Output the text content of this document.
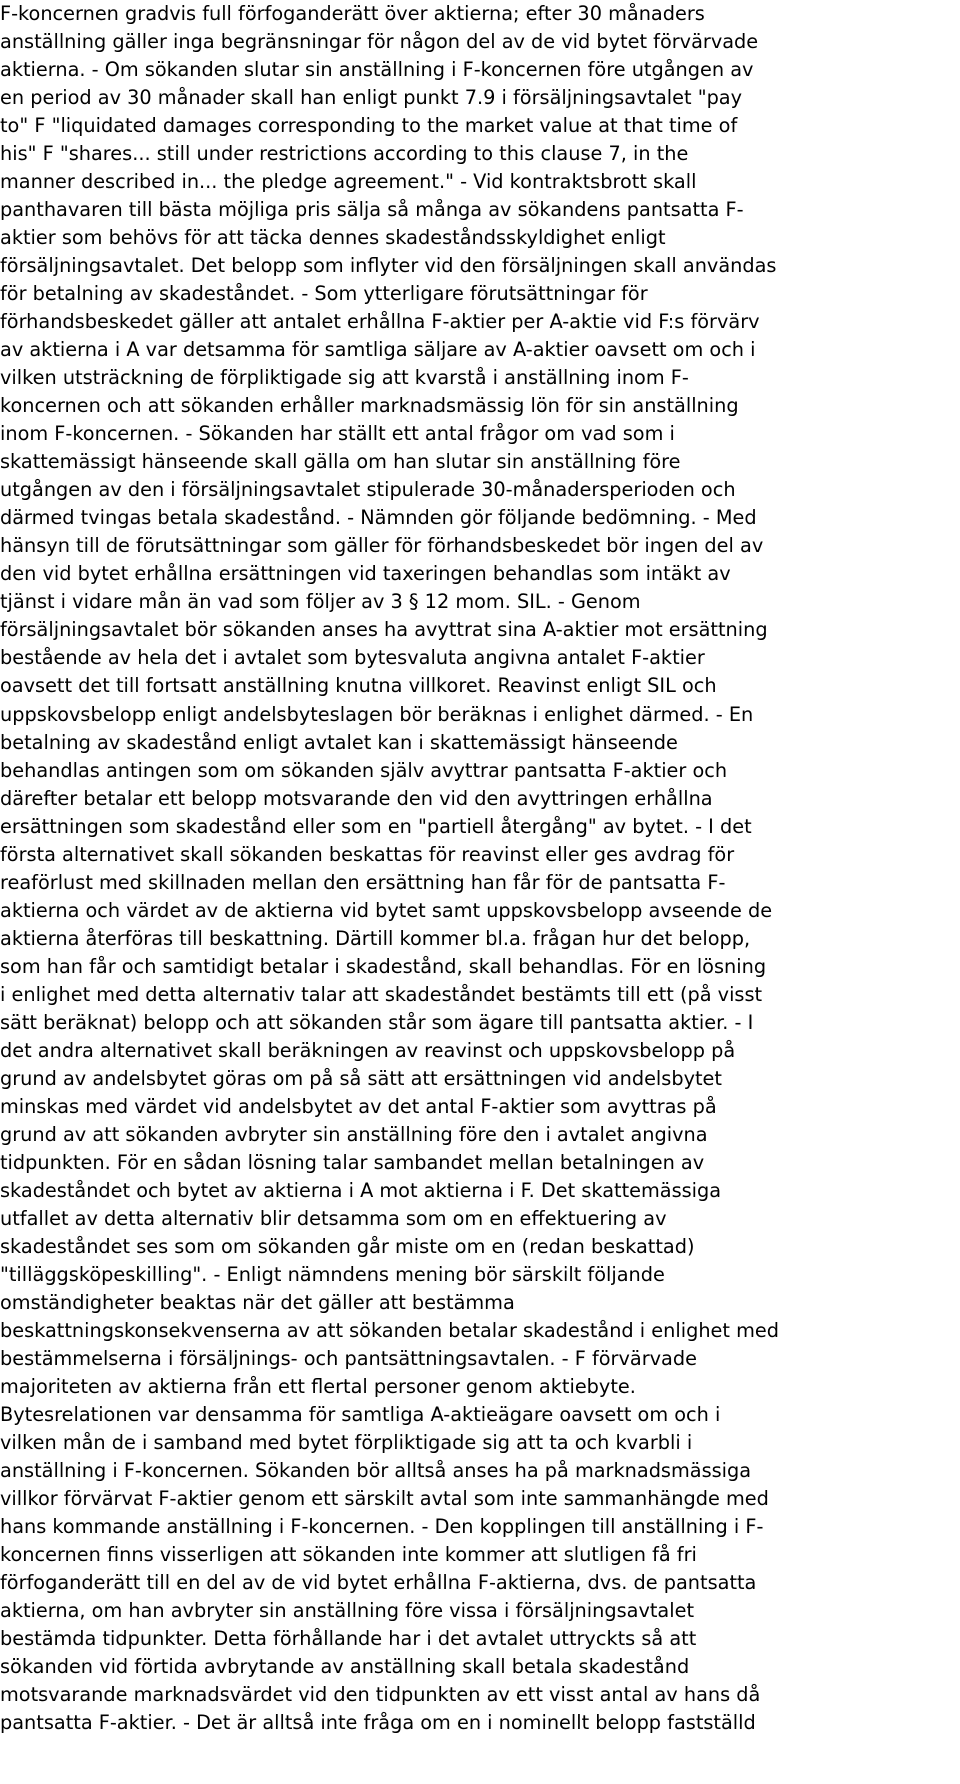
F-koncernen gradvis full förfoganderätt över aktierna; efter 30 månaders
anställning gäller inga begränsningar för någon del av de vid bytet förvärvade
aktierna. - Om sökanden slutar sin anställning i F-koncernen före utgången av
en period av 30 månader skall han enligt punkt 7.9 i försäljningsavtalet "pay
to" F "liquidated damages corresponding to the market value at that time of
his" F "shares... still under restrictions according to this clause 7, in the
manner described in... the pledge agreement." - Vid kontraktsbrott skall
panthavaren till bästa möjliga pris sälja så många av sökandens pantsatta F-
aktier som behövs för att täcka dennes skadeståndsskyldighet enligt
försäljningsavtalet. Det belopp som inflyter vid den försäljningen skall användas
för betalning av skadeståndet. - Som ytterligare förutsättningar för
förhandsbeskedet gäller att antalet erhållna F-aktier per A-aktie vid F:s förvärv
av aktierna i A var detsamma för samtliga säljare av A-aktier oavsett om och i
vilken utsträckning de förpliktigade sig att kvarstå i anställning inom F-
koncernen och att sökanden erhåller marknadsmässig lön för sin anställning
inom F-koncernen. - Sökanden har ställt ett antal frågor om vad som i
skattemässigt hänseende skall gälla om han slutar sin anställning före
utgången av den i försäljningsavtalet stipulerade 30-månadersperioden och
därmed tvingas betala skadestånd. - Nämnden gör följande bedömning. - Med
hänsyn till de förutsättningar som gäller för förhandsbeskedet bör ingen del av
den vid bytet erhållna ersättningen vid taxeringen behandlas som intäkt av
tjänst i vidare mån än vad som följer av 3 § 12 mom. SIL. - Genom
försäljningsavtalet bör sökanden anses ha avyttrat sina A-aktier mot ersättning
bestående av hela det i avtalet som bytesvaluta angivna antalet F-aktier
oavsett det till fortsatt anställning knutna villkoret. Reavinst enligt SIL och
uppskovsbelopp enligt andelsbyteslagen bör beräknas i enlighet därmed. - En
betalning av skadestånd enligt avtalet kan i skattemässigt hänseende
behandlas antingen som om sökanden själv avyttrar pantsatta F-aktier och
därefter betalar ett belopp motsvarande den vid den avyttringen erhållna
ersättningen som skadestånd eller som en "partiell återgång" av bytet. - I det
första alternativet skall sökanden beskattas för reavinst eller ges avdrag för
reaförlust med skillnaden mellan den ersättning han får för de pantsatta F-
aktierna och värdet av de aktierna vid bytet samt uppskovsbelopp avseende de
aktierna återföras till beskattning. Därtill kommer bl.a. frågan hur det belopp,
som han får och samtidigt betalar i skadestånd, skall behandlas. För en lösning
i enlighet med detta alternativ talar att skadeståndet bestämts till ett (på visst
sätt beräknat) belopp och att sökanden står som ägare till pantsatta aktier. - I
det andra alternativet skall beräkningen av reavinst och uppskovsbelopp på
grund av andelsbytet göras om på så sätt att ersättningen vid andelsbytet
minskas med värdet vid andelsbytet av det antal F-aktier som avyttras på
grund av att sökanden avbryter sin anställning före den i avtalet angivna
tidpunkten. För en sådan lösning talar sambandet mellan betalningen av
skadeståndet och bytet av aktierna i A mot aktierna i F. Det skattemässiga
utfallet av detta alternativ blir detsamma som om en effektuering av
skadeståndet ses som om sökanden går miste om en (redan beskattad)
"tilläggsköpeskilling". - Enligt nämndens mening bör särskilt följande
omständigheter beaktas när det gäller att bestämma
beskattningskonsekvenserna av att sökanden betalar skadestånd i enlighet med
bestämmelserna i försäljnings- och pantsättningsavtalen. - F förvärvade
majoriteten av aktierna från ett flertal personer genom aktiebyte.
Bytesrelationen var densamma för samtliga A-aktieägare oavsett om och i
vilken mån de i samband med bytet förpliktigade sig att ta och kvarbli i
anställning i F-koncernen. Sökanden bör alltså anses ha på marknadsmässiga
villkor förvärvat F-aktier genom ett särskilt avtal som inte sammanhängde med
hans kommande anställning i F-koncernen. - Den kopplingen till anställning i F-
koncernen finns visserligen att sökanden inte kommer att slutligen få fri
förfoganderätt till en del av de vid bytet erhållna F-aktierna, dvs. de pantsatta
aktierna, om han avbryter sin anställning före vissa i försäljningsavtalet
bestämda tidpunkter. Detta förhållande har i det avtalet uttryckts så att
sökanden vid förtida avbrytande av anställning skall betala skadestånd
motsvarande marknadsvärdet vid den tidpunkten av ett visst antal av hans då
pantsatta F-aktier. - Det är alltså inte fråga om en i nominellt belopp fastställd
